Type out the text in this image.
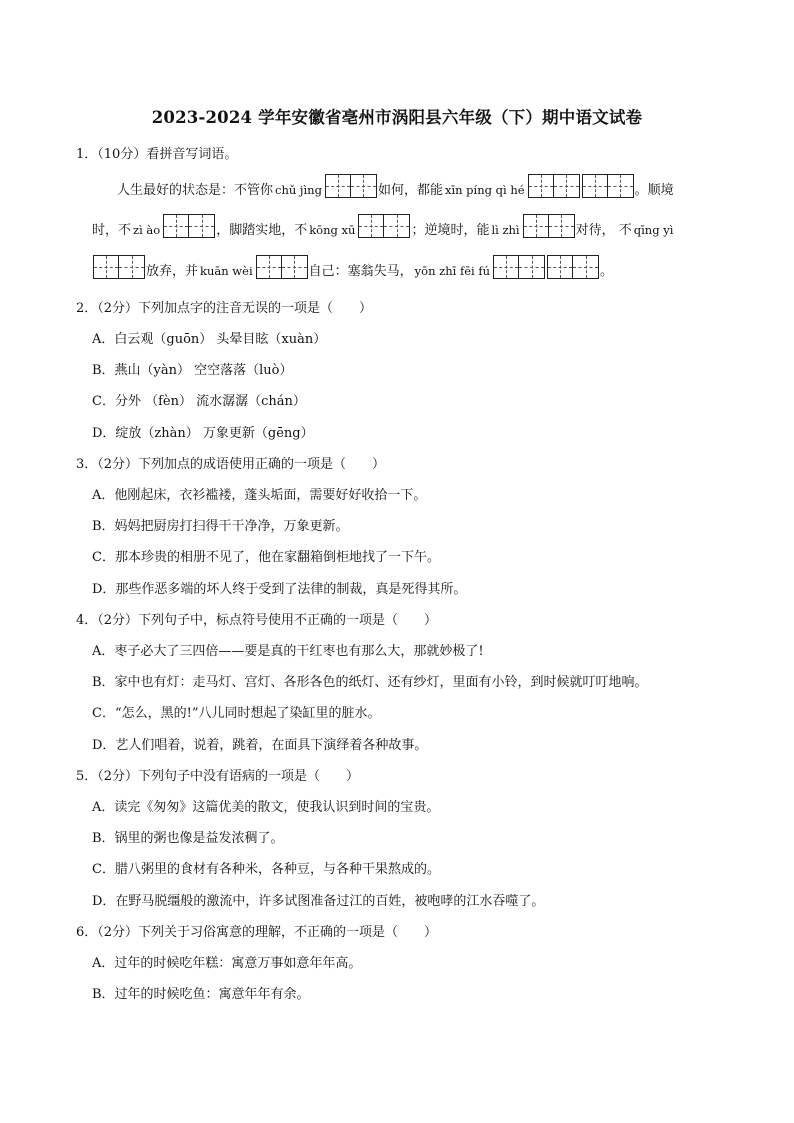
2023-2024 学年安徽省亳州市涡阳县六年级（下）期中语文试卷
1．（10分）看拼音写词语。
人生最好的状态是：不管你chǔ jìng	如何，都能xīn píng qì hé	。顺境
时，不zì ào	，脚踏实地，不kōng xū	；逆境时，能lì zhì	对待， 不qīng yì
放弃，并kuān wèi	自己：塞翁失马， yōn zhī fēi fú	。
2．（2分）下列加点字的注音无误的一项是（　　）
A．白云观（guōn） 头晕目眩（xuàn）
B．燕山（yàn） 空空落落（luò）
C．分外 （fèn） 流水潺潺（chán）
D．绽放（zhàn） 万象更新（gēng）
3．（2分）下列加点的成语使用正确的一项是（　　）
A．他刚起床，衣衫褴褛，蓬头垢面，需要好好收拾一下。
B．妈妈把厨房打扫得干干净净，万象更新。
C．那本珍贵的相册不见了，他在家翻箱倒柜地找了一下午。
D．那些作恶多端的坏人终于受到了法律的制裁，真是死得其所。
4．（2分）下列句子中，标点符号使用不正确的一项是（　　）
A．枣子必大了三四倍——要是真的干红枣也有那么大，那就妙极了!
B．家中也有灯：走马灯、宫灯、各形各色的纸灯、还有纱灯，里面有小铃，到时候就叮叮地响。
C．“怎么，黑的!”八儿同时想起了染缸里的脏水。
D．艺人们唱着，说着，跳着，在面具下演绎着各种故事。
5．（2分）下列句子中没有语病的一项是（　　）
A．读完《匆匆》这篇优美的散文，使我认识到时间的宝贵。
B．锅里的粥也像是益发浓稠了。
C．腊八粥里的食材有各种米，各种豆，与各种干果熬成的。
D．在野马脱缰般的激流中，许多试图准备过江的百姓，被咆哮的江水吞噬了。
6．（2分）下列关于习俗寓意的理解，不正确的一项是（　　）
A．过年的时候吃年糕：寓意万事如意年年高。
B．过年的时候吃鱼：寓意年年有余。
